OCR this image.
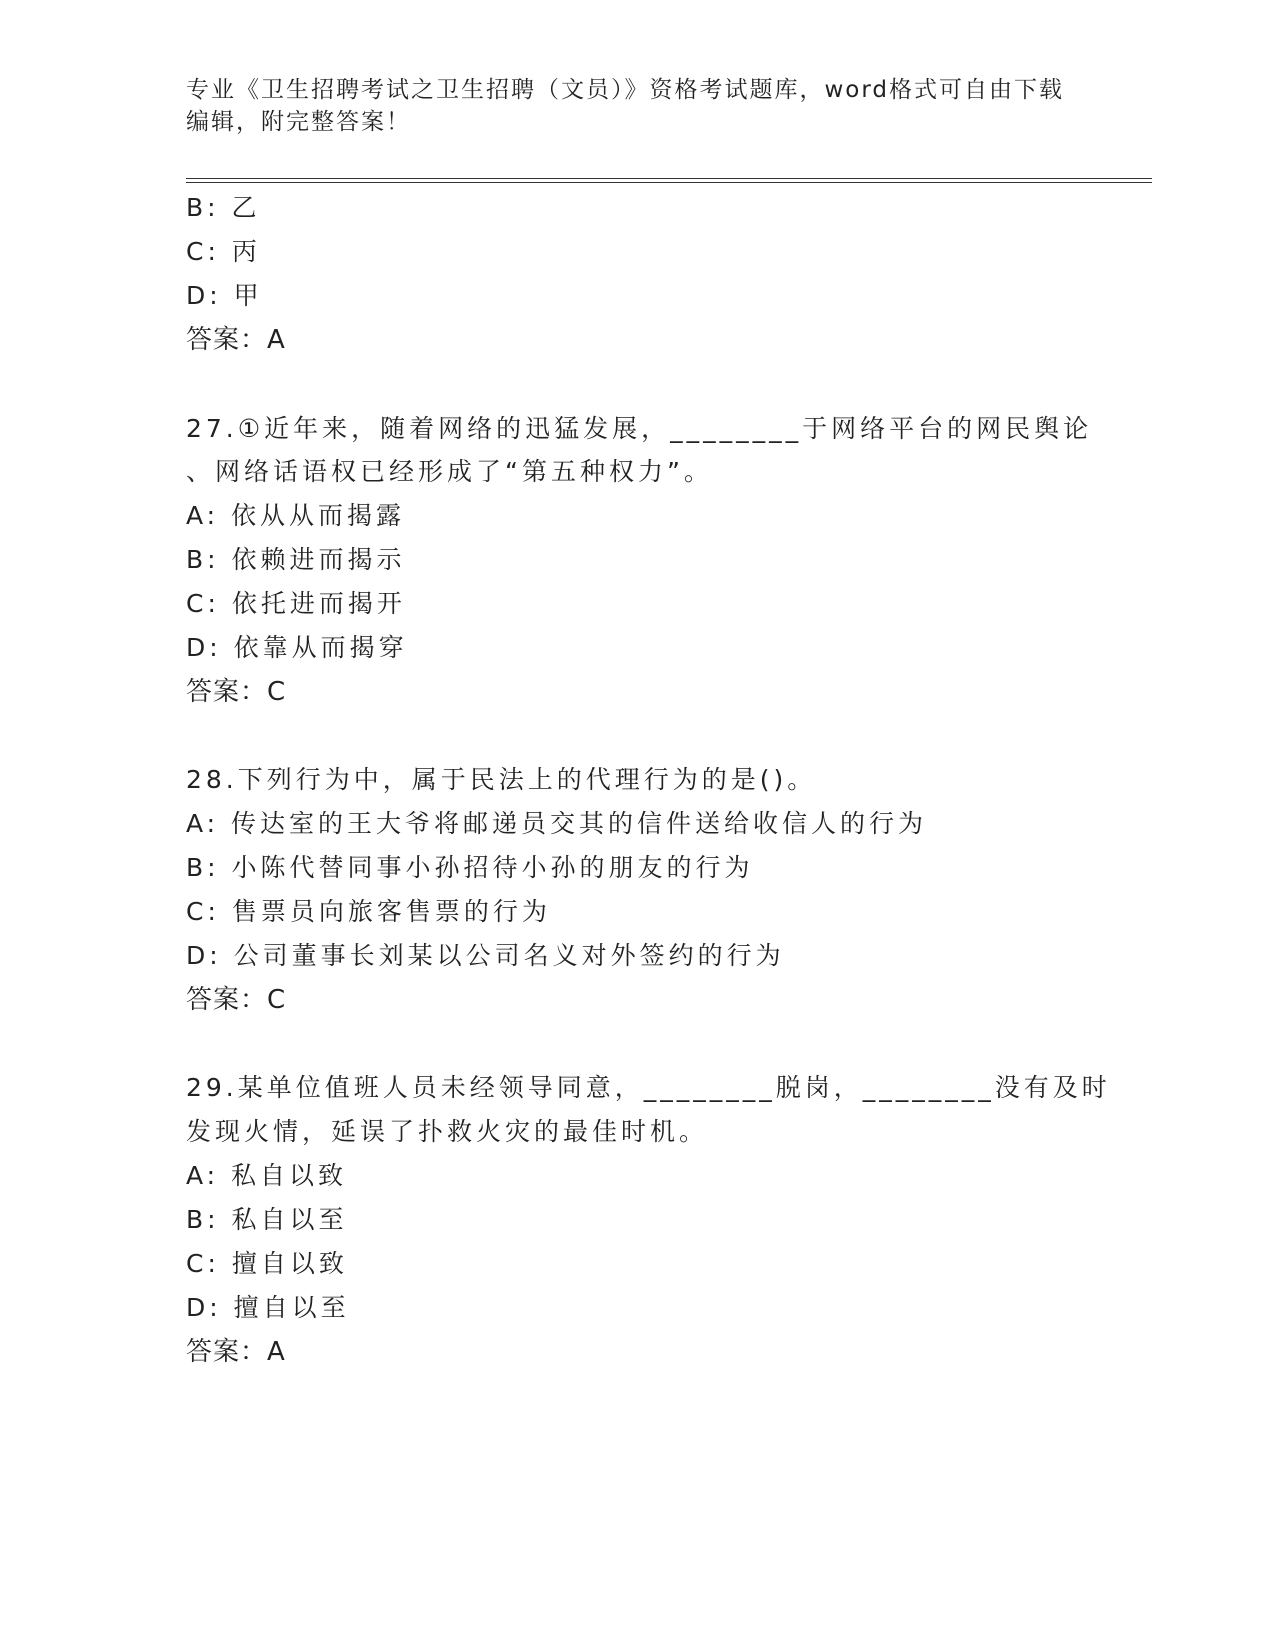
专业《卫生招聘考试之卫生招聘（文员）》资格考试题库，word格式可自由下载
编辑，附完整答案！
B: 乙
C: 丙
D: 甲
答案：A
27.①近年来，随着网络的迅猛发展，________于网络平台的网民舆论
、网络话语权已经形成了“第五种权力”。
A: 依从从而揭露
B: 依赖进而揭示
C: 依托进而揭开
D: 依靠从而揭穿
答案：C
28.下列行为中，属于民法上的代理行为的是()。
A: 传达室的王大爷将邮递员交其的信件送给收信人的行为
B: 小陈代替同事小孙招待小孙的朋友的行为
C: 售票员向旅客售票的行为
D: 公司董事长刘某以公司名义对外签约的行为
答案：C
29.某单位值班人员未经领导同意，________脱岗，________没有及时
发现火情，延误了扑救火灾的最佳时机。
A: 私自以致
B: 私自以至
C: 擅自以致
D: 擅自以至
答案：A
